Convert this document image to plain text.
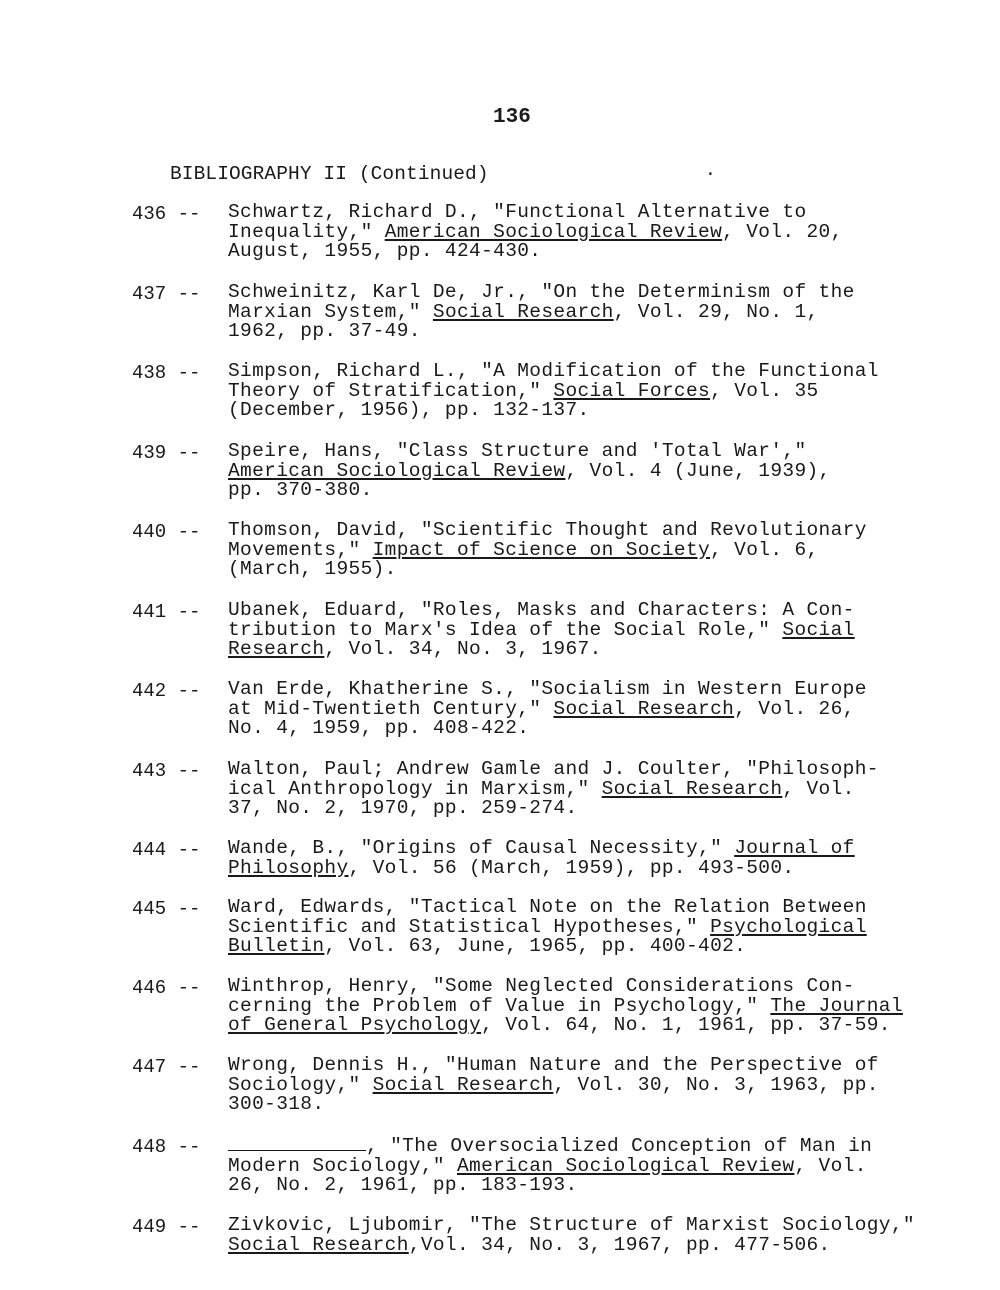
136
BIBLIOGRAPHY II (Continued)	.
436 -- Schwartz, Richard D., "Functional Alternative to
Inequality," American Sociological Review, Vol. 20,
August, 1955, pp. 424-430.
437 -- Schweinitz, Karl De, Jr., "On the Determinism of the
Marxian System," Social Research, Vol. 29, No. 1,
1962, pp. 37-49.
438 -- Simpson, Richard L., "A Modification of the Functional
Theory of Stratification," Social Forces, Vol. 35
(December, 1956), pp. 132-137.
439 -- Speire, Hans, "Class Structure and 'Total War',"
American Sociological Review, Vol. 4 (June, 1939),
pp. 370-380.
440 -- Thomson, David, "Scientific Thought and Revolutionary
Movements," Impact of Science on Society, Vol. 6,
(March, 1955).
441 -- Ubanek, Eduard, "Roles, Masks and Characters: A Con-
tribution to Marx's Idea of the Social Role," Social
Research, Vol. 34, No. 3, 1967.
442 -- Van Erde, Khatherine S., "Socialism in Western Europe
at Mid-Twentieth Century," Social Research, Vol. 26,
No. 4, 1959, pp. 408-422.
443 -- Walton, Paul; Andrew Gamle and J. Coulter, "Philosoph-
ical Anthropology in Marxism," Social Research, Vol.
37, No. 2, 1970, pp. 259-274.
444 -- Wande, B., "Origins of Causal Necessity," Journal of
Philosophy, Vol. 56 (March, 1959), pp. 493-500.
445 -- Ward, Edwards, "Tactical Note on the Relation Between
Scientific and Statistical Hypotheses," Psychological
Bulletin, Vol. 63, June, 1965, pp. 400-402.
446 -- Winthrop, Henry, "Some Neglected Considerations Con-
cerning the Problem of Value in Psychology," The Journal
of General Psychology, Vol. 64, No. 1, 1961, pp. 37-59.
447 -- Wrong, Dennis H., "Human Nature and the Perspective of
Sociology," Social Research, Vol. 30, No. 3, 1963, pp.
300-318.
448 --	, "The Oversocialized Conception of Man in
Modern Sociology," American Sociological Review, Vol.
26, No. 2, 1961, pp. 183-193.
449 -- Zivkovic, Ljubomir, "The Structure of Marxist Sociology,"
Social Research,Vol. 34, No. 3, 1967, pp. 477-506.
